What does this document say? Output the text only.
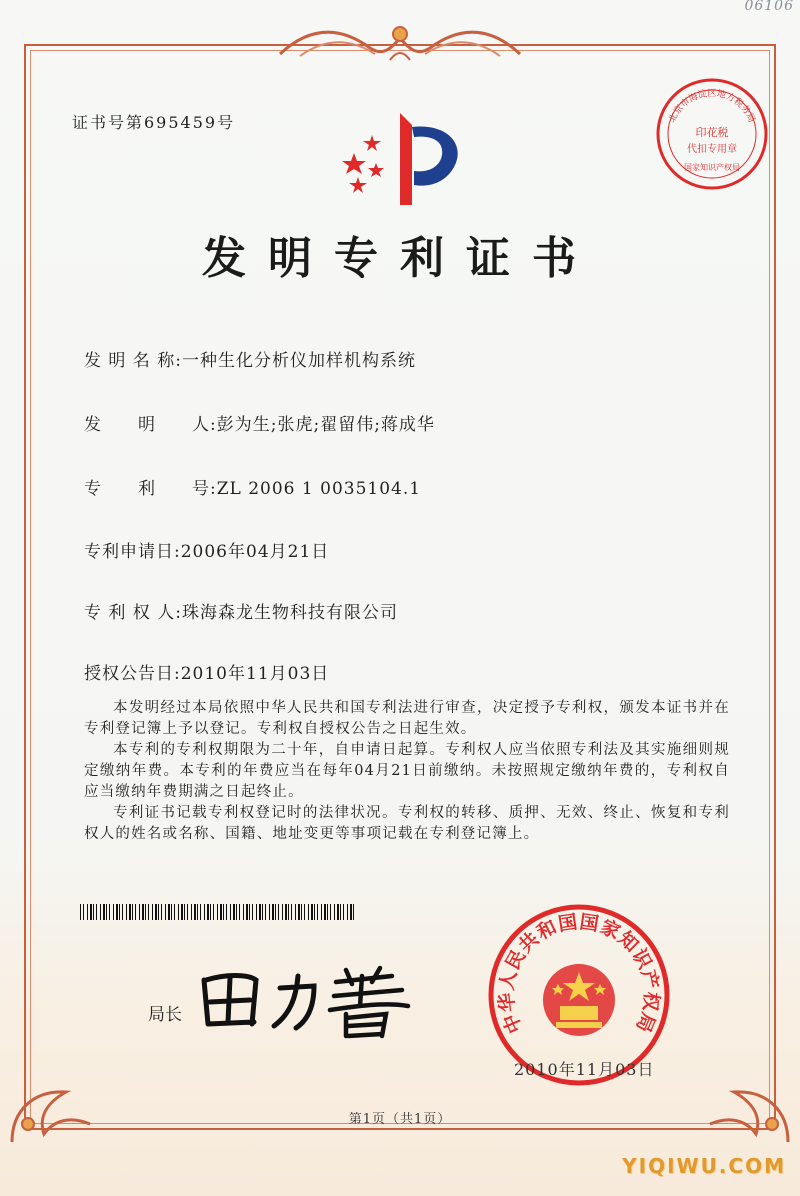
06106
证书号第695459号	北京市海淀区地方税务局
印花税
代扣专用章
国家知识产权局
发明专利证书
发 明 名 称:一种生化分析仪加样机构系统
发　　明　　人:彭为生;张虎;翟留伟;蒋成华
专　　利　　号:ZL 2006 1 0035104.1
专利申请日:2006年04月21日
专 利 权 人:珠海森龙生物科技有限公司
授权公告日:2010年11月03日

本发明经过本局依照中华人民共和国专利法进行审查，决定授予专利权，颁发本证书并在专利登记簿上予以登记。专利权自授权公告之日起生效。

本专利的专利权期限为二十年，自申请日起算。专利权人应当依照专利法及其实施细则规定缴纳年费。本专利的年费应当在每年04月21日前缴纳。未按照规定缴纳年费的，专利权自应当缴纳年费期满之日起终止。

专利证书记载专利权登记时的法律状况。专利权的转移、质押、无效、终止、恢复和专利权人的姓名或名称、国籍、地址变更等事项记载在专利登记簿上。

局长	中华人民共和国国家知识产权局
2010年11月03日
第1页（共1页）
YIQIWU.COM
